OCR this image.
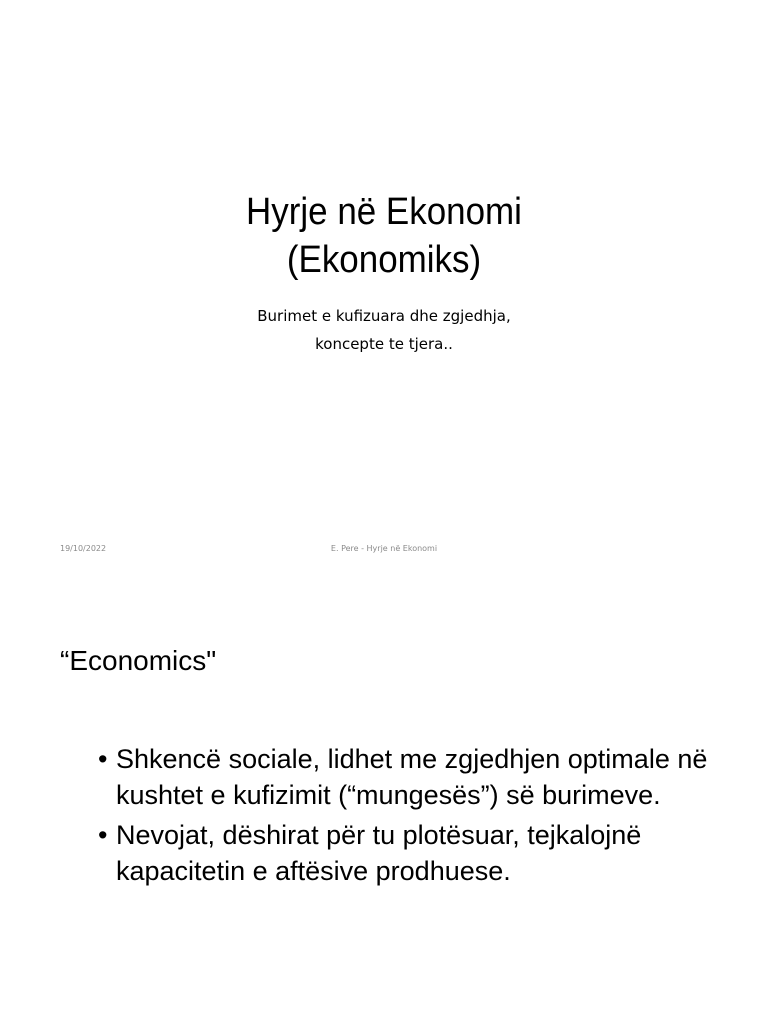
Hyrje në Ekonomi
(Ekonomiks)
Burimet e kufizuara dhe zgjedhja,
koncepte te tjera..
19/10/2022	E. Pere - Hyrje në Ekonomi
“Economics"
• Shkencë sociale, lidhet me zgjedhjen optimale në kushtet e kufizimit (“mungesës”) së burimeve.
• Nevojat, dëshirat për tu plotësuar, tejkalojnë kapacitetin e aftësive prodhuese.
